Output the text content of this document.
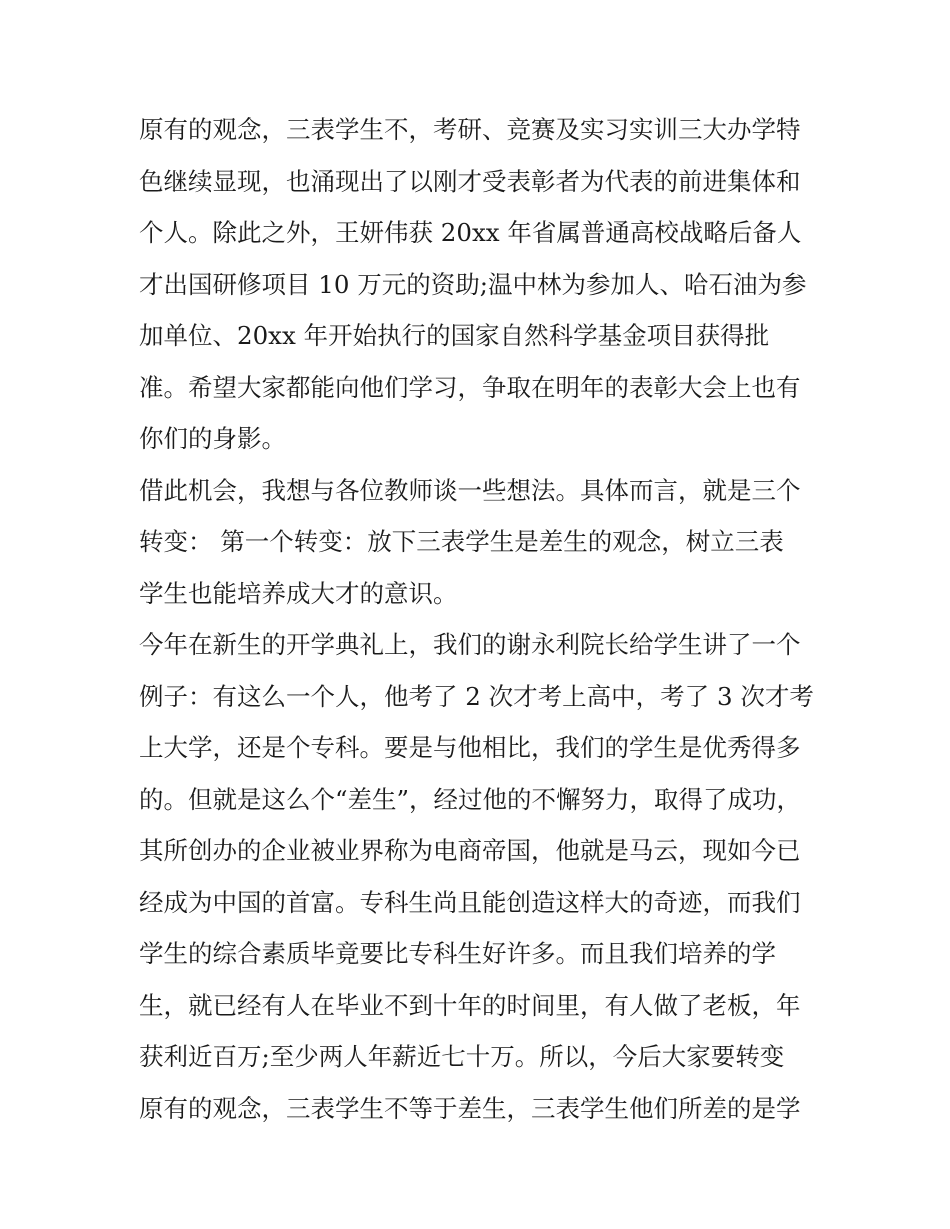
原有的观念，三表学生不，考研、竞赛及实习实训三大办学特
色继续显现，也涌现出了以刚才受表彰者为代表的前进集体和
个人。除此之外，王妍伟获 20xx 年省属普通高校战略后备人
才出国研修项目 10 万元的资助;温中林为参加人、哈石油为参
加单位、20xx 年开始执行的国家自然科学基金项目获得批
准。希望大家都能向他们学习，争取在明年的表彰大会上也有
你们的身影。
借此机会，我想与各位教师谈一些想法。具体而言，就是三个
转变： 第一个转变：放下三表学生是差生的观念，树立三表
学生也能培养成大才的意识。
今年在新生的开学典礼上，我们的谢永利院长给学生讲了一个
例子：有这么一个人，他考了 2 次才考上高中，考了 3 次才考
上大学，还是个专科。要是与他相比，我们的学生是优秀得多
的。但就是这么个“差生”，经过他的不懈努力，取得了成功，
其所创办的企业被业界称为电商帝国，他就是马云，现如今已
经成为中国的首富。专科生尚且能创造这样大的奇迹，而我们
学生的综合素质毕竟要比专科生好许多。而且我们培养的学
生，就已经有人在毕业不到十年的时间里，有人做了老板，年
获利近百万;至少两人年薪近七十万。所以，今后大家要转变
原有的观念，三表学生不等于差生，三表学生他们所差的是学
